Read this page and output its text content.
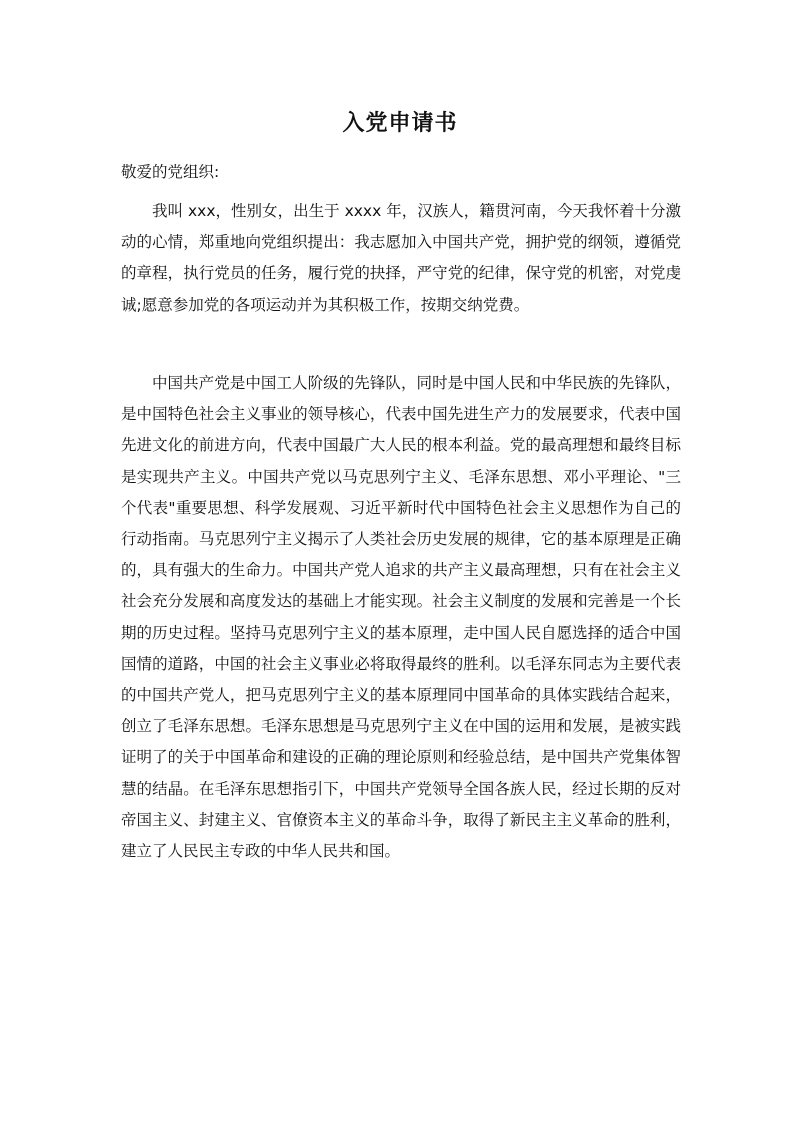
入党申请书

敬爱的党组织:

我叫 xxx，性别女，出生于 xxxx 年，汉族人，籍贯河南，今天我怀着十分激动的心情，郑重地向党组织提出：我志愿加入中国共产党，拥护党的纲领，遵循党的章程，执行党员的任务，履行党的抉择，严守党的纪律，保守党的机密，对党虔诚;愿意参加党的各项运动并为其积极工作，按期交纳党费。

中国共产党是中国工人阶级的先锋队，同时是中国人民和中华民族的先锋队，是中国特色社会主义事业的领导核心，代表中国先进生产力的发展要求，代表中国先进文化的前进方向，代表中国最广大人民的根本利益。党的最高理想和最终目标是实现共产主义。中国共产党以马克思列宁主义、毛泽东思想、邓小平理论、"三个代表"重要思想、科学发展观、习近平新时代中国特色社会主义思想作为自己的行动指南。马克思列宁主义揭示了人类社会历史发展的规律，它的基本原理是正确的，具有强大的生命力。中国共产党人追求的共产主义最高理想，只有在社会主义社会充分发展和高度发达的基础上才能实现。社会主义制度的发展和完善是一个长期的历史过程。坚持马克思列宁主义的基本原理，走中国人民自愿选择的适合中国国情的道路，中国的社会主义事业必将取得最终的胜利。以毛泽东同志为主要代表的中国共产党人，把马克思列宁主义的基本原理同中国革命的具体实践结合起来，创立了毛泽东思想。毛泽东思想是马克思列宁主义在中国的运用和发展，是被实践证明了的关于中国革命和建设的正确的理论原则和经验总结，是中国共产党集体智慧的结晶。在毛泽东思想指引下，中国共产党领导全国各族人民，经过长期的反对帝国主义、封建主义、官僚资本主义的革命斗争，取得了新民主主义革命的胜利，建立了人民民主专政的中华人民共和国。
